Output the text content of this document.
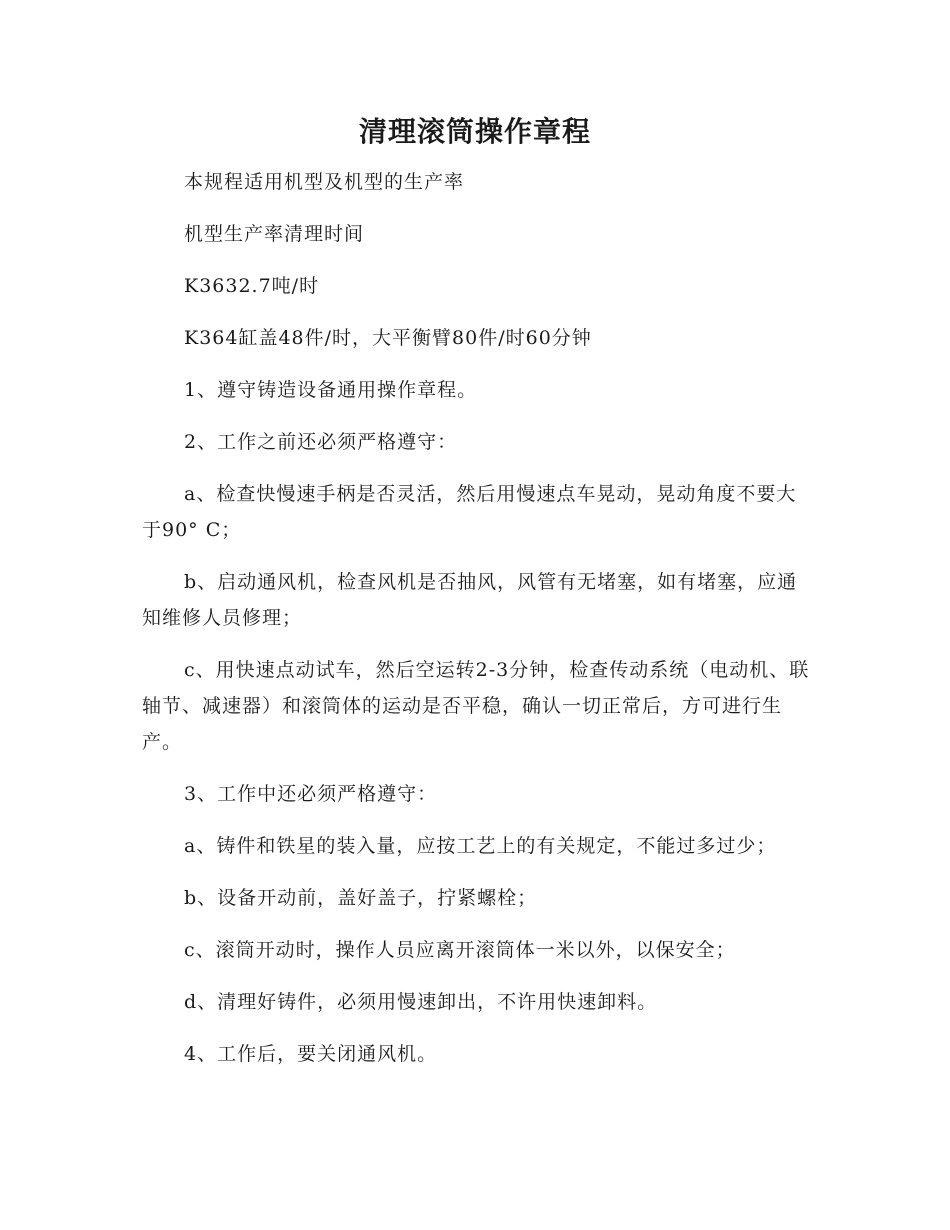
清理滚筒操作章程

本规程适用机型及机型的生产率

机型生产率清理时间

K3632.7吨/时

K364缸盖48件/时，大平衡臂80件/时60分钟

1、遵守铸造设备通用操作章程。

2、工作之前还必须严格遵守：

a、检查快慢速手柄是否灵活，然后用慢速点车晃动，晃动角度不要大于90° C；

b、启动通风机，检查风机是否抽风，风管有无堵塞，如有堵塞，应通知维修人员修理；

c、用快速点动试车，然后空运转2-3分钟，检查传动系统（电动机、联轴节、减速器）和滚筒体的运动是否平稳，确认一切正常后，方可进行生产。

3、工作中还必须严格遵守：

a、铸件和铁星的装入量，应按工艺上的有关规定，不能过多过少；

b、设备开动前，盖好盖子，拧紧螺栓；

c、滚筒开动时，操作人员应离开滚筒体一米以外，以保安全；

d、清理好铸件，必须用慢速卸出，不许用快速卸料。

4、工作后，要关闭通风机。
